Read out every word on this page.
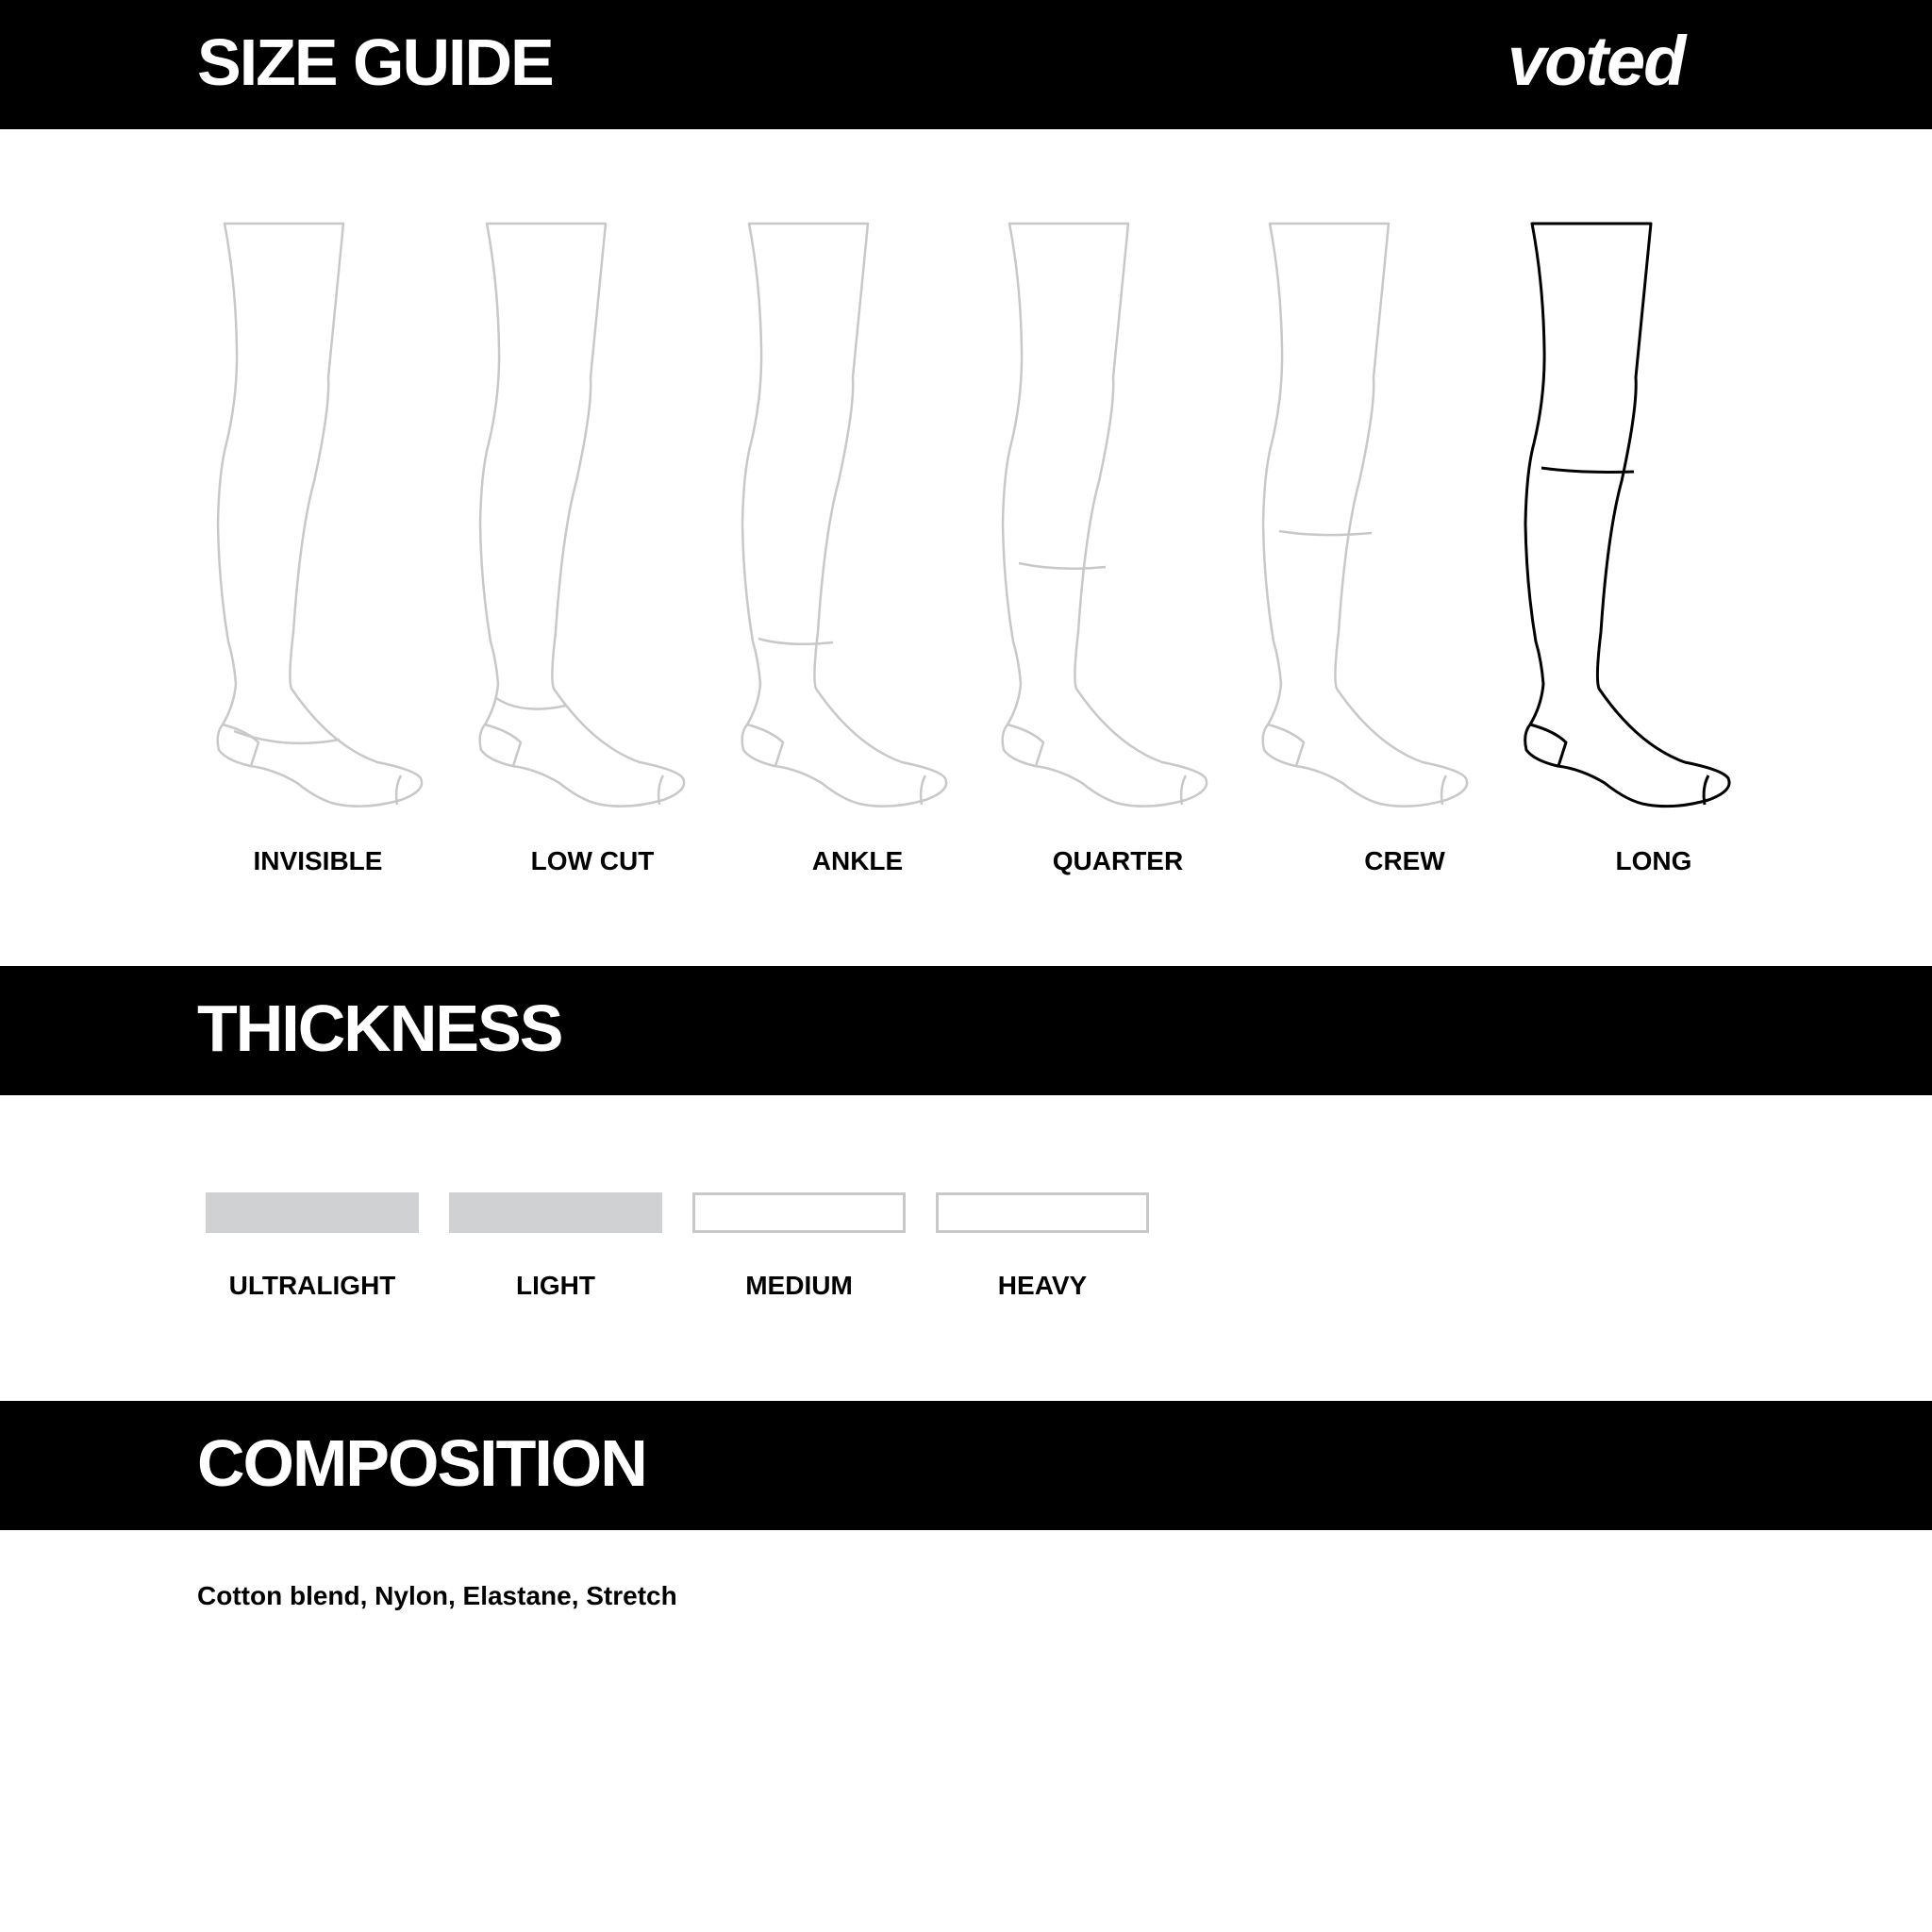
SIZE GUIDE	voted
INVISIBLE	LOW CUT	ANKLE	QUARTER	CREW	LONG
THICKNESS
ULTRALIGHT	LIGHT	MEDIUM	HEAVY
COMPOSITION
Cotton blend, Nylon, Elastane, Stretch
